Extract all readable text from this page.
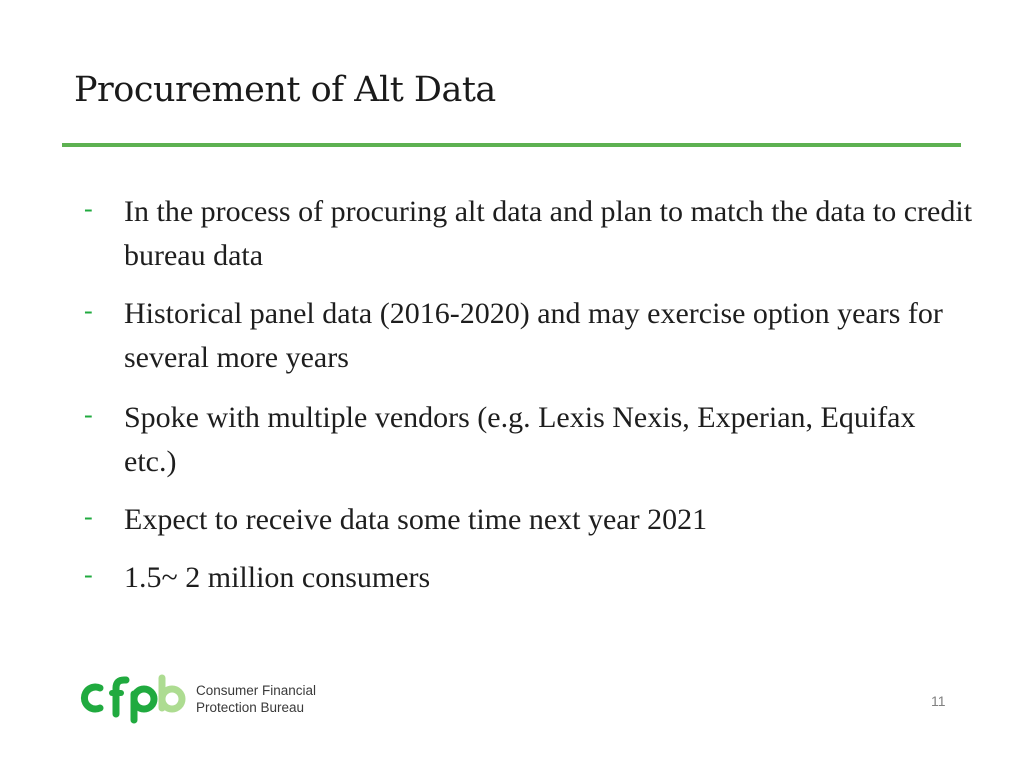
Procurement of Alt Data
- In the process of procuring alt data and plan to match the data to credit bureau data
- Historical panel data (2016-2020) and may exercise option years for several more years
- Spoke with multiple vendors (e.g. Lexis Nexis, Experian, Equifax etc.)
- Expect to receive data some time next year 2021
- 1.5~ 2 million consumers
Consumer Financial
Protection Bureau	11
